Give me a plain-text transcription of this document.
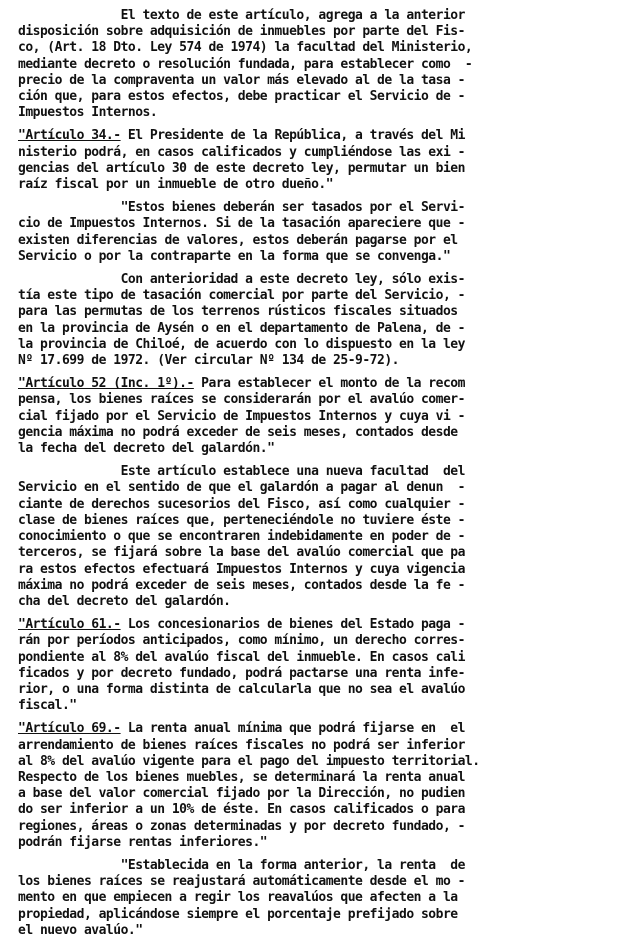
El texto de este artículo, agrega a la anterior
disposición sobre adquisición de inmuebles por parte del Fis-
co, (Art. 18 Dto. Ley 574 de 1974) la facultad del Ministerio,
mediante decreto o resolución fundada, para establecer como  -
precio de la compraventa un valor más elevado al de la tasa -
ción que, para estos efectos, debe practicar el Servicio de -
Impuestos Internos.
"Artículo 34.- El Presidente de la República, a través del Mi
nisterio podrá, en casos calificados y cumpliéndose las exi -
gencias del artículo 30 de este decreto ley, permutar un bien
raíz fiscal por un inmueble de otro dueño."
"Estos bienes deberán ser tasados por el Servi-
cio de Impuestos Internos. Si de la tasación apareciere que -
existen diferencias de valores, estos deberán pagarse por el
Servicio o por la contraparte en la forma que se convenga."
Con anterioridad a este decreto ley, sólo exis-
tía este tipo de tasación comercial por parte del Servicio, -
para las permutas de los terrenos rústicos fiscales situados
en la provincia de Aysén o en el departamento de Palena, de -
la provincia de Chiloé, de acuerdo con lo dispuesto en la ley
Nº 17.699 de 1972. (Ver circular Nº 134 de 25-9-72).
"Artículo 52 (Inc. 1º).- Para establecer el monto de la recom
pensa, los bienes raíces se considerarán por el avalúo comer-
cial fijado por el Servicio de Impuestos Internos y cuya vi -
gencia máxima no podrá exceder de seis meses, contados desde
la fecha del decreto del galardón."
Este artículo establece una nueva facultad  del
Servicio en el sentido de que el galardón a pagar al denun  -
ciante de derechos sucesorios del Fisco, así como cualquier -
clase de bienes raíces que, perteneciéndole no tuviere éste -
conocimiento o que se encontraren indebidamente en poder de -
terceros, se fijará sobre la base del avalúo comercial que pa
ra estos efectos efectuará Impuestos Internos y cuya vigencia
máxima no podrá exceder de seis meses, contados desde la fe -
cha del decreto del galardón.
"Artículo 61.- Los concesionarios de bienes del Estado paga -
rán por períodos anticipados, como mínimo, un derecho corres-
pondiente al 8% del avalúo fiscal del inmueble. En casos cali
ficados y por decreto fundado, podrá pactarse una renta infe-
rior, o una forma distinta de calcularla que no sea el avalúo
fiscal."
"Artículo 69.- La renta anual mínima que podrá fijarse en  el
arrendamiento de bienes raíces fiscales no podrá ser inferior
al 8% del avalúo vigente para el pago del impuesto territorial.
Respecto de los bienes muebles, se determinará la renta anual
a base del valor comercial fijado por la Dirección, no pudien
do ser inferior a un 10% de éste. En casos calificados o para
regiones, áreas o zonas determinadas y por decreto fundado, -
podrán fijarse rentas inferiores."
"Establecida en la forma anterior, la renta  de
los bienes raíces se reajustará automáticamente desde el mo -
mento en que empiecen a regir los reavalúos que afecten a la
propiedad, aplicándose siempre el porcentaje prefijado sobre
el nuevo avalúo."
